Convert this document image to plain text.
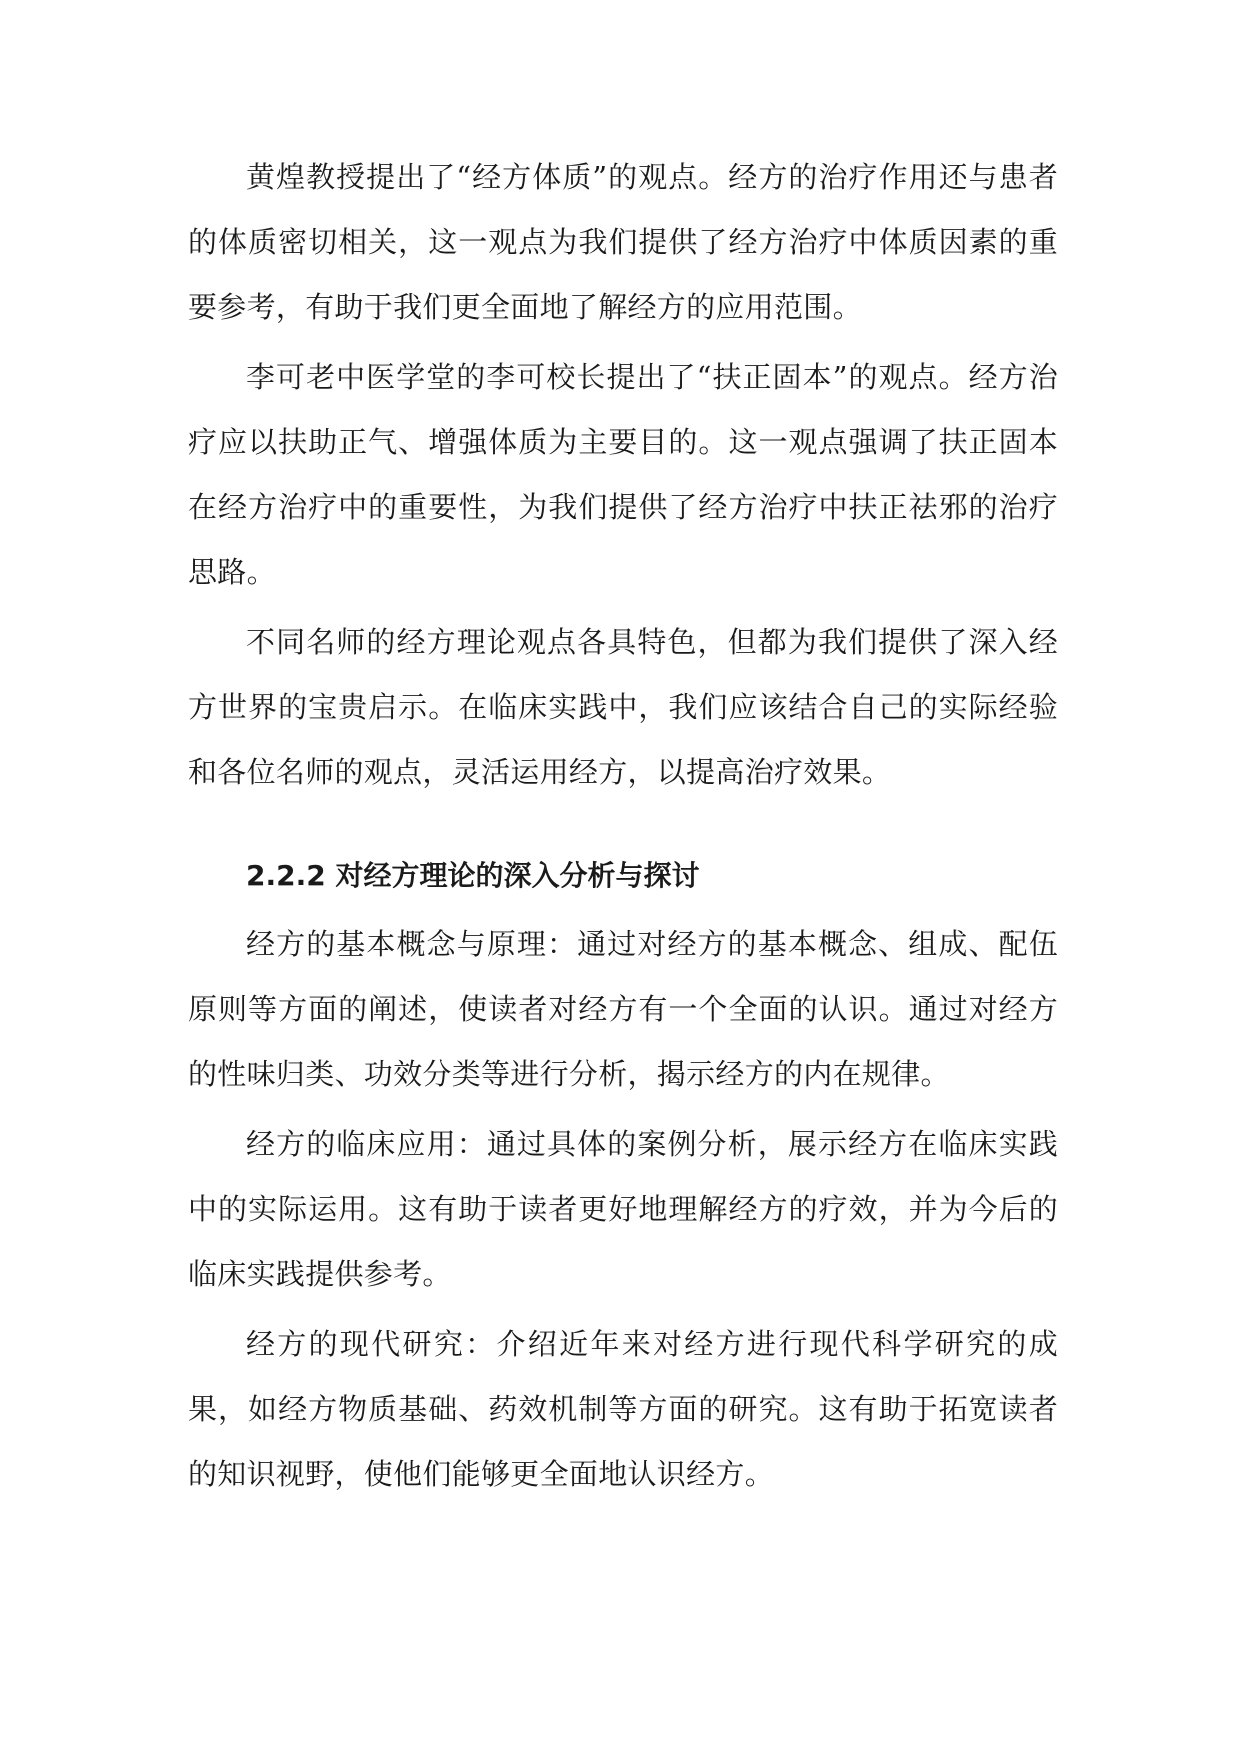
黄煌教授提出了“经方体质”的观点。经方的治疗作用还与患者的体质密切相关，这一观点为我们提供了经方治疗中体质因素的重要参考，有助于我们更全面地了解经方的应用范围。

李可老中医学堂的李可校长提出了“扶正固本”的观点。经方治疗应以扶助正气、增强体质为主要目的。这一观点强调了扶正固本在经方治疗中的重要性，为我们提供了经方治疗中扶正祛邪的治疗思路。

不同名师的经方理论观点各具特色，但都为我们提供了深入经方世界的宝贵启示。在临床实践中，我们应该结合自己的实际经验和各位名师的观点，灵活运用经方，以提高治疗效果。

2.2.2 对经方理论的深入分析与探讨

经方的基本概念与原理：通过对经方的基本概念、组成、配伍原则等方面的阐述，使读者对经方有一个全面的认识。通过对经方的性味归类、功效分类等进行分析，揭示经方的内在规律。

经方的临床应用：通过具体的案例分析，展示经方在临床实践中的实际运用。这有助于读者更好地理解经方的疗效，并为今后的临床实践提供参考。

经方的现代研究：介绍近年来对经方进行现代科学研究的成果，如经方物质基础、药效机制等方面的研究。这有助于拓宽读者的知识视野，使他们能够更全面地认识经方。
